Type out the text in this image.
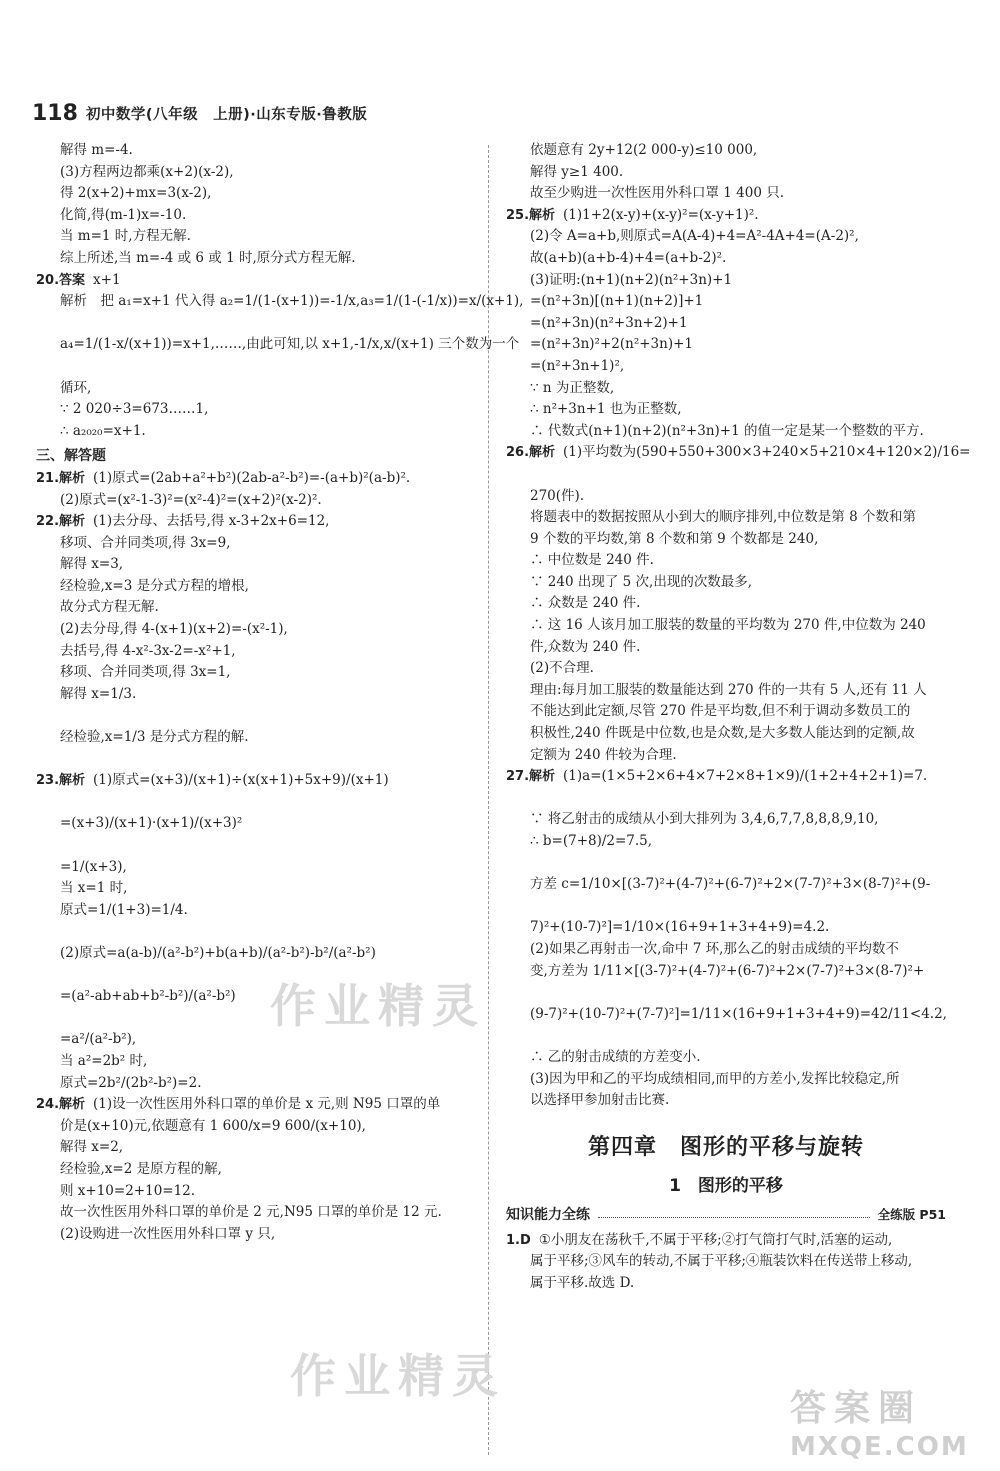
118 初中数学(八年级　上册)·山东专版·鲁教版
解得 m=-4.
(3)方程两边都乘(x+2)(x-2),
得 2(x+2)+mx=3(x-2),
化简,得(m-1)x=-10.
当 m=1 时,方程无解.
综上所述,当 m=-4 或 6 或 1 时,原分式方程无解.
20.答案 x+1
解析　把 a₁=x+1 代入得 a₂=1/(1-(x+1))=-1/x,a₃=1/(1-(-1/x))=x/(x+1),

a₄=1/(1-x/(x+1))=x+1,……,由此可知,以 x+1,-1/x,x/(x+1) 三个数为一个

循环,
∵ 2 020÷3=673……1,
∴ a₂₀₂₀=x+1.
三、解答题
21.解析 (1)原式=(2ab+a²+b²)(2ab-a²-b²)=-(a+b)²(a-b)².
(2)原式=(x²-1-3)²=(x²-4)²=(x+2)²(x-2)².
22.解析 (1)去分母、去括号,得 x-3+2x+6=12,
移项、合并同类项,得 3x=9,
解得 x=3,
经检验,x=3 是分式方程的增根,
故分式方程无解.
(2)去分母,得 4-(x+1)(x+2)=-(x²-1),
去括号,得 4-x²-3x-2=-x²+1,
移项、合并同类项,得 3x=1,
解得 x=1/3.

经检验,x=1/3 是分式方程的解.

23.解析 (1)原式=(x+3)/(x+1)÷(x(x+1)+5x+9)/(x+1)

=(x+3)/(x+1)·(x+1)/(x+3)²

=1/(x+3),
当 x=1 时,
原式=1/(1+3)=1/4.

(2)原式=a(a-b)/(a²-b²)+b(a+b)/(a²-b²)-b²/(a²-b²)

=(a²-ab+ab+b²-b²)/(a²-b²)

=a²/(a²-b²),
当 a²=2b² 时,
原式=2b²/(2b²-b²)=2.
24.解析 (1)设一次性医用外科口罩的单价是 x 元,则 N95 口罩的单
价是(x+10)元,依题意有 1 600/x=9 600/(x+10),
解得 x=2,
经检验,x=2 是原方程的解,
则 x+10=2+10=12.
故一次性医用外科口罩的单价是 2 元,N95 口罩的单价是 12 元.
(2)设购进一次性医用外科口罩 y 只,
依题意有 2y+12(2 000-y)≤10 000,
解得 y≥1 400.
故至少购进一次性医用外科口罩 1 400 只.
25.解析 (1)1+2(x-y)+(x-y)²=(x-y+1)².
(2)令 A=a+b,则原式=A(A-4)+4=A²-4A+4=(A-2)²,
故(a+b)(a+b-4)+4=(a+b-2)².
(3)证明:(n+1)(n+2)(n²+3n)+1
=(n²+3n)[(n+1)(n+2)]+1
=(n²+3n)(n²+3n+2)+1
=(n²+3n)²+2(n²+3n)+1
=(n²+3n+1)²,
∵ n 为正整数,
∴ n²+3n+1 也为正整数,
∴ 代数式(n+1)(n+2)(n²+3n)+1 的值一定是某一个整数的平方.
26.解析 (1)平均数为(590+550+300×3+240×5+210×4+120×2)/16=

270(件).
将题表中的数据按照从小到大的顺序排列,中位数是第 8 个数和第
9 个数的平均数,第 8 个数和第 9 个数都是 240,
∴ 中位数是 240 件.
∵ 240 出现了 5 次,出现的次数最多,
∴ 众数是 240 件.
∴ 这 16 人该月加工服装的数量的平均数为 270 件,中位数为 240
件,众数为 240 件.
(2)不合理.
理由:每月加工服装的数量能达到 270 件的一共有 5 人,还有 11 人
不能达到此定额,尽管 270 件是平均数,但不利于调动多数员工的
积极性,240 件既是中位数,也是众数,是大多数人能达到的定额,故
定额为 240 件较为合理.
27.解析 (1)a=(1×5+2×6+4×7+2×8+1×9)/(1+2+4+2+1)=7.

∵ 将乙射击的成绩从小到大排列为 3,4,6,7,7,8,8,8,9,10,
∴ b=(7+8)/2=7.5,

方差 c=1/10×[(3-7)²+(4-7)²+(6-7)²+2×(7-7)²+3×(8-7)²+(9-

7)²+(10-7)²]=1/10×(16+9+1+3+4+9)=4.2.
(2)如果乙再射击一次,命中 7 环,那么乙的射击成绩的平均数不
变,方差为 1/11×[(3-7)²+(4-7)²+(6-7)²+2×(7-7)²+3×(8-7)²+

(9-7)²+(10-7)²+(7-7)²]=1/11×(16+9+1+3+4+9)=42/11<4.2,

∴ 乙的射击成绩的方差变小.
(3)因为甲和乙的平均成绩相同,而甲的方差小,发挥比较稳定,所
以选择甲参加射击比赛.
第四章　图形的平移与旋转
1　图形的平移
知识能力全练	全练版 P51
1.D ①小朋友在荡秋千,不属于平移;②打气筒打气时,活塞的运动,
属于平移;③风车的转动,不属于平移;④瓶装饮料在传送带上移动,
属于平移.故选 D.
作业精灵
作业精灵
答案圈
MXQE.COM
